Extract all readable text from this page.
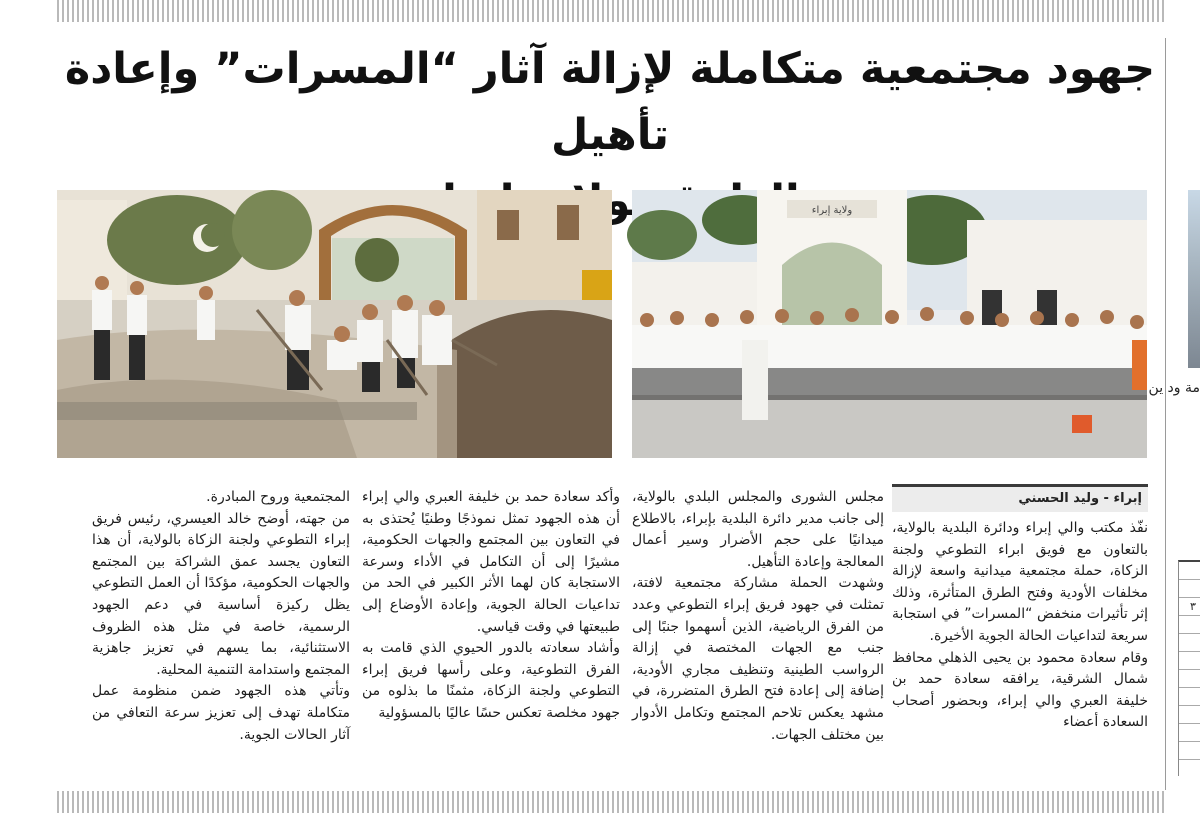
جهود مجتمعية متكاملة لإزالة آثار “المسرات” وإعادة تأهيل

ولاية إبراء
إبراء - وليد الحسني

نفّذ مكتب والي إبراء ودائرة البلدية بالولاية، بالتعاون مع فويق ابراء التطوعي ولجنة الزكاة، حملة مجتمعية ميدانية واسعة لإزالة مخلفات الأودية وفتح الطرق المتأثرة، وذلك إثر تأثيرات منخفض “المسرات” في استجابة سريعة لتداعيات الحالة الجوية الأخيرة.

وقام سعادة محمود بن يحيى الذهلي محافظ شمال الشرقية، يرافقه سعادة حمد بن خليفة العبري والي إبراء، وبحضور أصحاب السعادة أعضاء

مجلس الشورى والمجلس البلدي بالولاية، إلى جانب مدير دائرة البلدية بإبراء، بالاطلاع ميدانيًا على حجم الأضرار وسير أعمال المعالجة وإعادة التأهيل.

وشهدت الحملة مشاركة مجتمعية لافتة، تمثلت في جهود فريق إبراء التطوعي وعدد من الفرق الرياضية، الذين أسهموا جنبًا إلى جنب مع الجهات المختصة في إزالة الرواسب الطينية وتنظيف مجاري الأودية، إضافة إلى إعادة فتح الطرق المتضررة، في مشهد يعكس تلاحم المجتمع وتكامل الأدوار بين مختلف الجهات.

وأكد سعادة حمد بن خليفة العبري والي إبراء أن هذه الجهود تمثل نموذجًا وطنيًا يُحتذى به في التعاون بين المجتمع والجهات الحكومية، مشيرًا إلى أن التكامل في الأداء وسرعة الاستجابة كان لهما الأثر الكبير في الحد من تداعيات الحالة الجوية، وإعادة الأوضاع إلى طبيعتها في وقت قياسي.

وأشاد سعادته بالدور الحيوي الذي قامت به الفرق التطوعية، وعلى رأسها فريق إبراء التطوعي ولجنة الزكاة، مثمنًا ما بذلوه من جهود مخلصة تعكس حسًا عاليًا بالمسؤولية

المجتمعية وروح المبادرة.

من جهته، أوضح خالد العيسري، رئيس فريق إبراء التطوعي ولجنة الزكاة بالولاية، أن هذا التعاون يجسد عمق الشراكة بين المجتمع والجهات الحكومية، مؤكدًا أن العمل التطوعي يظل ركيزة أساسية في دعم الجهود الرسمية، خاصة في مثل هذه الظروف الاستثنائية، بما يسهم في تعزيز جاهزية المجتمع واستدامة التنمية المحلية.

وتأتي هذه الجهود ضمن منظومة عمل متكاملة تهدف إلى تعزيز سرعة التعافي من آثار الحالات الجوية.

مة ود ين
٣
